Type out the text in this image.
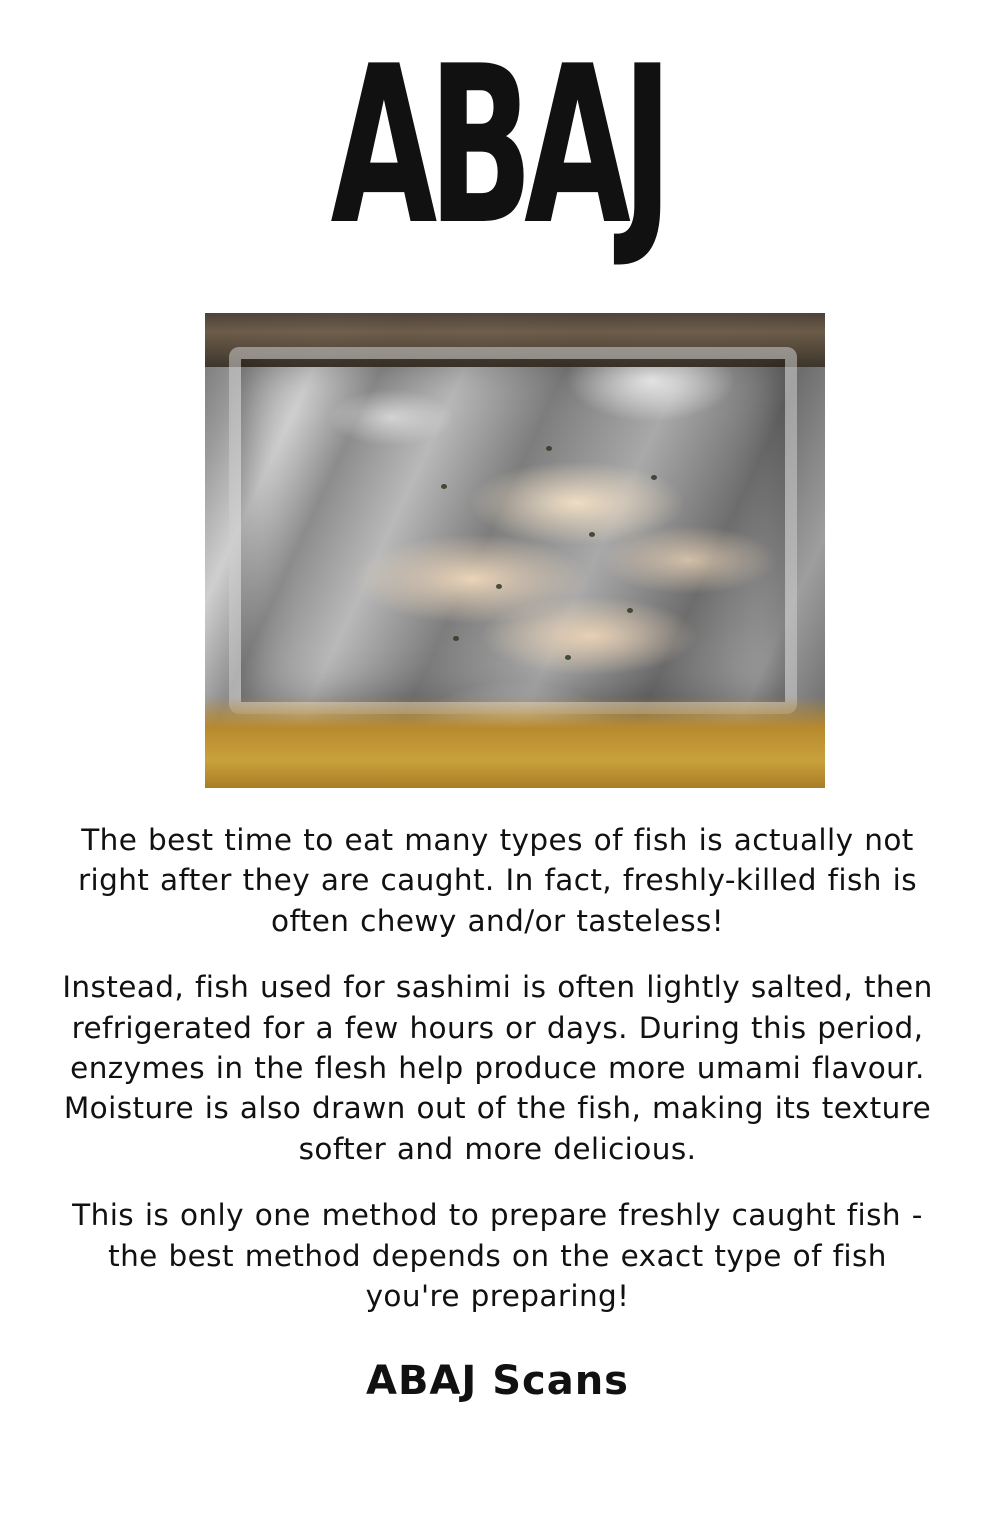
ABAJ

The best time to eat many types of fish is actually not right after they are caught. In fact, freshly-killed fish is often chewy and/or tasteless!

Instead, fish used for sashimi is often lightly salted, then refrigerated for a few hours or days. During this period, enzymes in the flesh help produce more umami flavour. Moisture is also drawn out of the fish, making its texture softer and more delicious.

This is only one method to prepare freshly caught fish - the best method depends on the exact type of fish you're preparing!

ABAJ Scans
